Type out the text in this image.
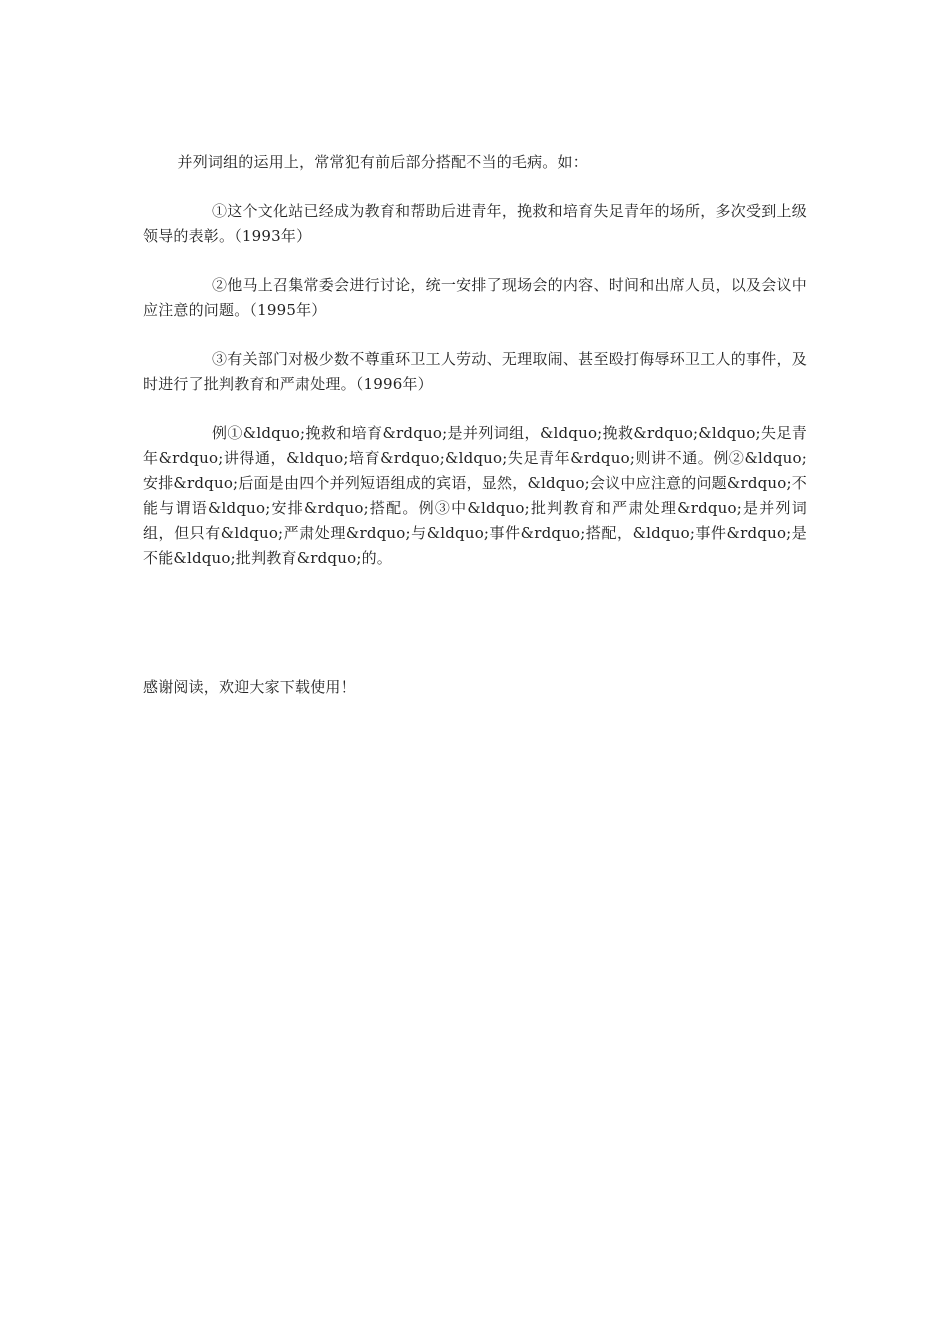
并列词组的运用上，常常犯有前后部分搭配不当的毛病。如：

①这个文化站已经成为教育和帮助后进青年，挽救和培育失足青年的场所，多次受到上级领导的表彰。（1993年）

②他马上召集常委会进行讨论，统一安排了现场会的内容、时间和出席人员，以及会议中应注意的问题。（1995年）

③有关部门对极少数不尊重环卫工人劳动、无理取闹、甚至殴打侮辱环卫工人的事件，及时进行了批判教育和严肃处理。（1996年）

例①&ldquo;挽救和培育&rdquo;是并列词组，&ldquo;挽救&rdquo;&ldquo;失足青年&rdquo;讲得通，&ldquo;培育&rdquo;&ldquo;失足青年&rdquo;则讲不通。例②&ldquo;安排&rdquo;后面是由四个并列短语组成的宾语，显然，&ldquo;会议中应注意的问题&rdquo;不能与谓语&ldquo;安排&rdquo;搭配。例③中&ldquo;批判教育和严肃处理&rdquo;是并列词组，但只有&ldquo;严肃处理&rdquo;与&ldquo;事件&rdquo;搭配，&ldquo;事件&rdquo;是不能&ldquo;批判教育&rdquo;的。

感谢阅读，欢迎大家下载使用！
